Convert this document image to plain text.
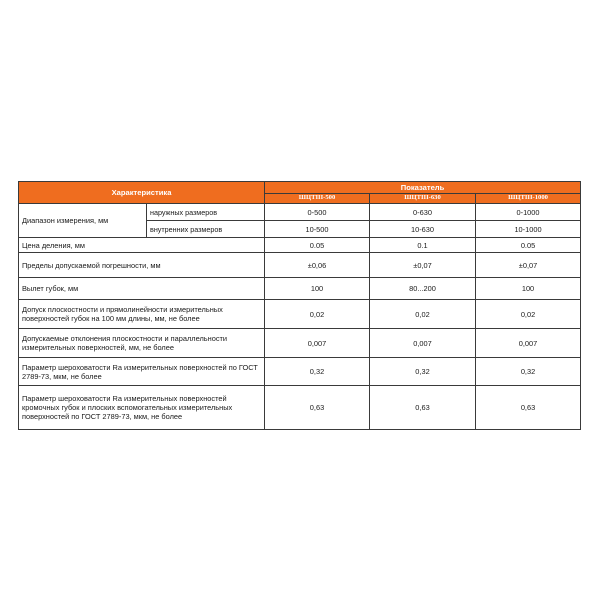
Характеристика		Показатель		
		ШЦТIII-500	ШЦТIII-630	ШЦТIII-1000
Диапазон измерения, мм	наружных размеров	0-500	0-630	0-1000
	внутренних размеров	10-500	10-630	10-1000
Цена деления, мм		0.05	0.1	0.05
Пределы допускаемой погрешности, мм		±0,06	±0,07	±0,07
Вылет губок, мм		100	80...200	100
Допуск плоскостности и прямолинейности измерительных поверхностей губок на 100 мм длины, мм, не более		0,02	0,02	0,02
Допускаемые отклонения плоскостности и параллельности измерительных поверхностей, мм, не более		0,007	0,007	0,007
Параметр шероховатости Ra измерительных поверхностей по ГОСТ 2789-73, мкм, не более		0,32	0,32	0,32
Параметр шероховатости Ra измерительных поверхностей кромочных губок и плоских вспомогательных измерительных поверхностей по ГОСТ 2789-73, мкм, не более		0,63	0,63	0,63
